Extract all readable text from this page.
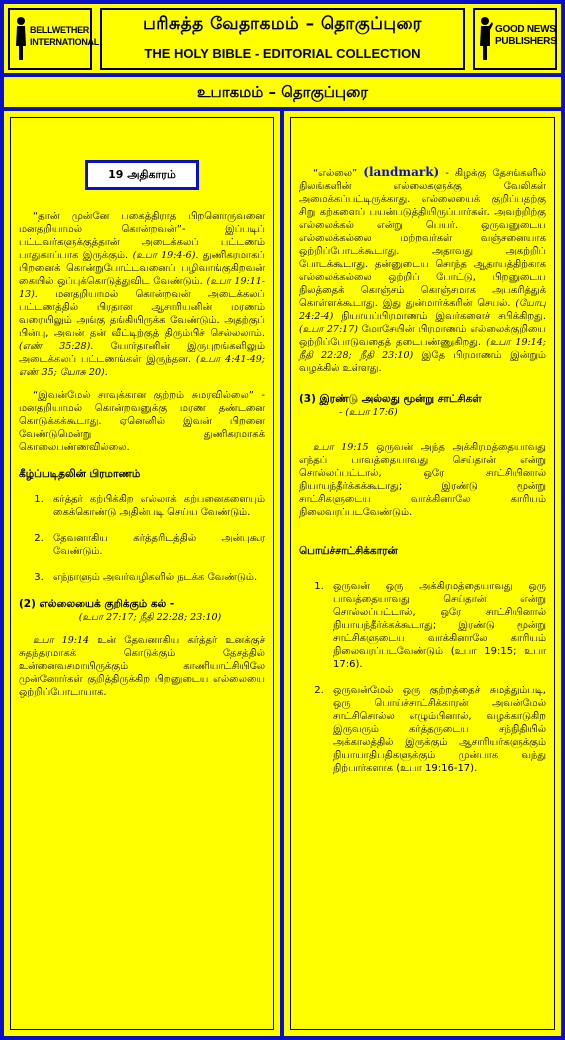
BELLWETHER
INTERNATIONAL
பரிசுத்த வேதாகமம் – தொகுப்புரை
THE HOLY BIBLE - EDITORIAL COLLECTION
GOOD NEWS
PUBLISHERS
உபாகமம் – தொகுப்புரை
19 அதிகாரம்

“தான் முன்னே பகைத்திராத பிறனொருவனை மனதறியாமல் கொன்றவன்”- இப்படிப் பட்டவர்களுக்குத்தான் அடைக்கலப் பட்டணம் பாதுகாப்பாக இருக்கும். (உபா 19:4-6). துணிகரமாகப் பிறனைக் கொன்றுபோட்டவனைப் பழிவாங்குகிறவன் கையில் ஒப்புக்கொடுத்துவிட வேண்டும். (உபா 19:11-13). மனதறியாமல் கொன்றவன் அடைக்கலப் பட்டணத்தில் பிரதான ஆசாரியனின் மரணம் வரையிலும் அங்கு தங்கியிருக்க வேண்டும். அதற்குப் பின்பு, அவன் தன் வீட்டிற்குத் திரும்பிச் செல்லலாம். (எண் 35:28). யோர்தானின் இருபுறங்களிலும் அடைக்கலப் பட்டணங்கள் இருந்தன. (உபா 4:41-49; எண் 35; யோசு 20).

“இவன்மேல் சாவுக்கான குற்றம் சுமரவில்லை” - மனதறியாமல் கொன்றவனுக்கு மரண தண்டனை கொடுக்கக்கூடாது. ஏனெனில் இவன் பிறனை வேண்டுமென்று துணிகரமாகக் கொலைபண்ணவில்லை.

கீழ்ப்படிதலின் பிரமாணம்
1. கர்த்தர் கற்பிக்கிற எல்லாக் கற்பனைகளையும் கைக்கொண்டு அதின்படி செய்ய வேண்டும்.
2. தேவனாகிய கர்த்தரிடத்தில் அன்புகூர வேண்டும்.
3. எந்நாளும் அவர்வழிகளில் நடக்க வேண்டும்.
(2) எல்லையைக் குறிக்கும் கல் -
(உபா 27:17; நீதி 22:28; 23:10)

உபா 19:14 உன் தேவனாகிய கர்த்தர் உனக்குச் சுதந்தரமாகக் கொடுக்கும் தேசத்தில் உன்னைவசமாயிருக்கும் காணியாட்சியிலே முன்னோர்கள் குறித்திருக்கிற பிறனுடைய எல்லையை ஒற்றிப்போடாயாக.

“எல்லை” (landmark) - கிழக்கு தேசங்களில் நிலங்களின் எல்லைகளுக்கு வேலிகள் அமைக்கப்பட்டிருக்காது. எல்லையைக் குறிப்பதற்கு சிறு கற்களைப் பயன்படுத்தியிருப்பார்கள். அவற்றிற்கு எல்லைக்கல் என்று பெயர். ஒருவனுடைய எல்லைக்கல்லை மற்றவர்கள் வஞ்சனையாக ஒற்றிப்போடக்கூடாது. அதாவது அகற்றிப் போடக்கூடாது. தன்னுடைய சொந்த ஆதாயத்திற்காக எல்லைக்கல்லை ஒற்றிப் போட்டு, பிறனுடைய நிலத்தைக் கொஞ்சம் கொஞ்சமாக அபகரித்துக் கொள்ளக்கூடாது. இது துன்மார்க்கரின் செயல். (யோபு 24:2-4) நியாயப்பிரமாணம் இவர்களைச் சபிக்கிறது. (உபா 27:17) மோசேயின் பிரமாணம் எல்லைக்குறியை ஒற்றிப்போடுவதைத் தடைபண்ணுகிறது. (உபா 19:14; நீதி 22:28; நீதி 23:10) இதே பிரமாணம் இன்றும் வழக்கில் உள்ளது.

(3) இரண்டு அல்லது மூன்று சாட்சிகள்
- (உபா 17:6)

உபா 19:15 ஒருவன் அந்த அக்கிரமத்தையாவது எந்தப் பாவத்தையாவது செய்தான் என்று சொல்லப்பட்டால், ஒரே சாட்சியினால் நியாயந்தீர்க்கக்கூடாது; இரண்டு மூன்று சாட்சிகளுடைய வாக்கினாலே காரியம் நிலைவரப்படவேண்டும்.

பொய்ச்சாட்சிக்காரன்
1. ஒருவன் ஒரு அக்கிரமத்தையாவது ஒரு பாவத்தையாவது செய்தான் என்று சொல்லப்பட்டால், ஒரே சாட்சியினால் நியாயந்தீர்க்கக்கூடாது; இரண்டு மூன்று சாட்சிகளுடைய வாக்கினாலே காரியம் நிலைவரப்படவேண்டும் (உபா 19:15; உபா 17:6).
2. ஒருவன்மேல் ஒரு குற்றத்தைச் சுமத்தும்படி, ஒரு பொய்ச்சாட்சிக்காரன் அவன்மேல் சாட்சிசொல்ல எழும்பினால், வழக்காடுகிற இருவரும் கர்த்தருடைய சந்நிதியில் அக்காலத்தில் இருக்கும் ஆசாரியர்களுக்கும் நியாயாதிபதிகளுக்கும் முன்பாக வந்து நிற்பார்களாக (உபா 19:16-17).
